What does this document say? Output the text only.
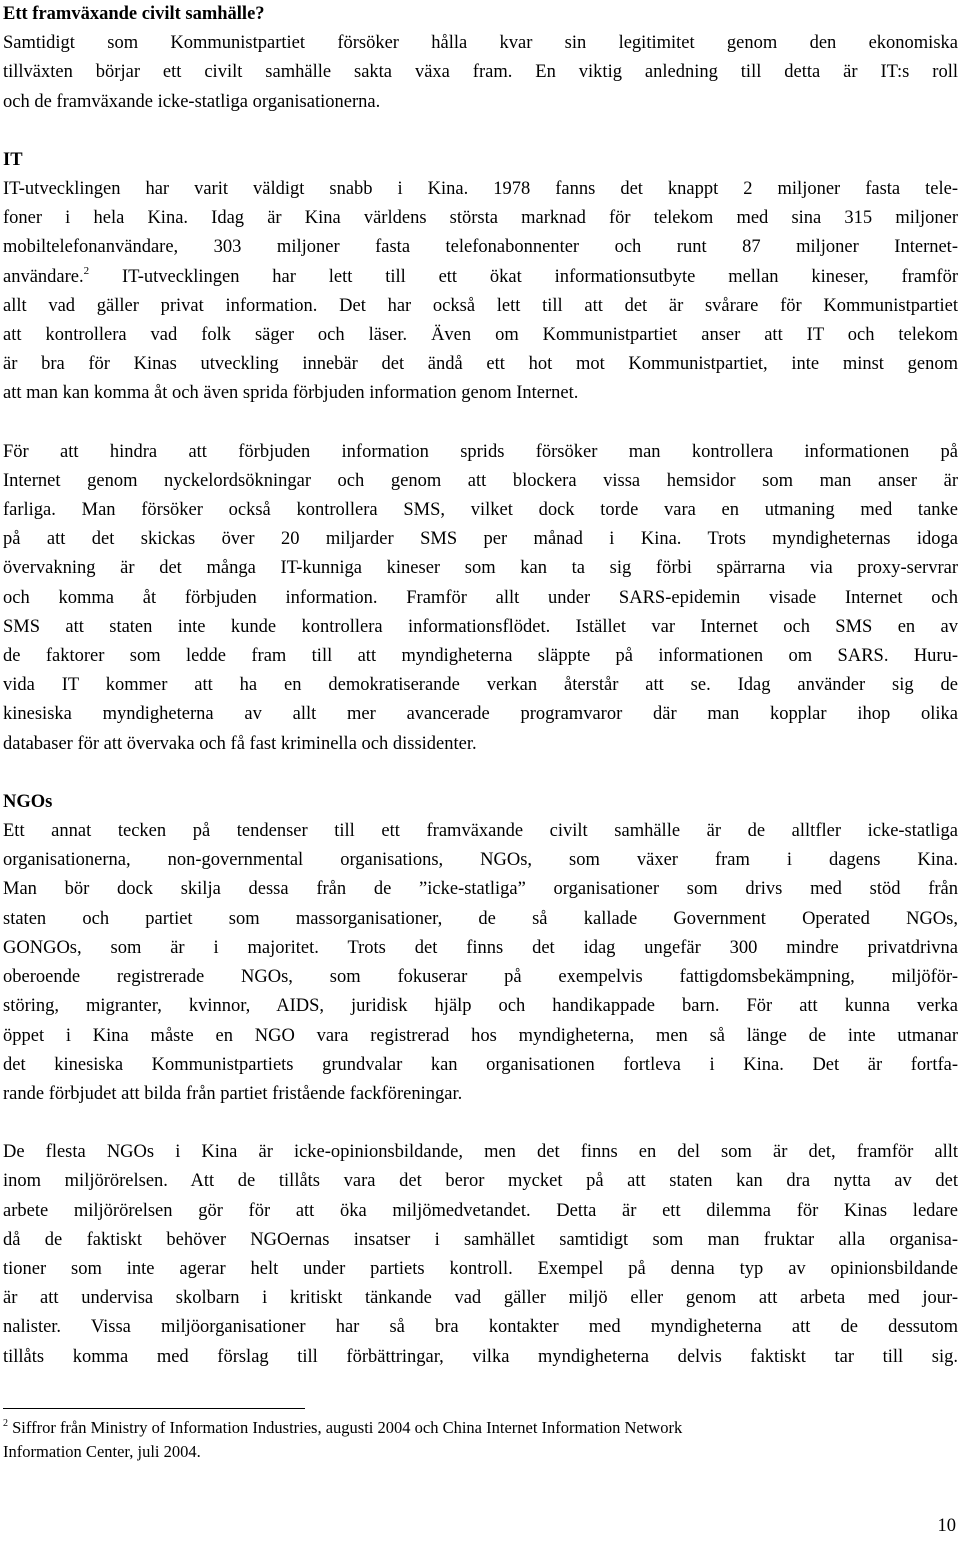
Ett framväxande civilt samhälle?

Samtidigt som Kommunistpartiet försöker hålla kvar sin legitimitet genom den ekonomiska
tillväxten börjar ett civilt samhälle sakta växa fram. En viktig anledning till detta är IT:s roll
och de framväxande icke-statliga organisationerna.

IT

IT-utvecklingen har varit väldigt snabb i Kina. 1978 fanns det knappt 2 miljoner fasta tele-
foner i hela Kina. Idag är Kina världens största marknad för telekom med sina 315 miljoner
mobiltelefonanvändare, 303 miljoner fasta telefonabonnenter och runt 87 miljoner Internet-
användare.$^2$ IT-utvecklingen har lett till ett ökat informationsutbyte mellan kineser, framför
allt vad gäller privat information. Det har också lett till att det är svårare för Kommunistpartiet
att kontrollera vad folk säger och läser. Även om Kommunistpartiet anser att IT och telekom
är bra för Kinas utveckling innebär det ändå ett hot mot Kommunistpartiet, inte minst genom
att man kan komma åt och även sprida förbjuden information genom Internet.
För att hindra att förbjuden information sprids försöker man kontrollera informationen på
Internet genom nyckelordsökningar och genom att blockera vissa hemsidor som man anser är
farliga. Man försöker också kontrollera SMS, vilket dock torde vara en utmaning med tanke
på att det skickas över 20 miljarder SMS per månad i Kina. Trots myndigheternas idoga
övervakning är det många IT-kunniga kineser som kan ta sig förbi spärrarna via proxy-servrar
och komma åt förbjuden information. Framför allt under SARS-epidemin visade Internet och
SMS att staten inte kunde kontrollera informationsflödet. Istället var Internet och SMS en av
de faktorer som ledde fram till att myndigheterna släppte på informationen om SARS. Huru-
vida IT kommer att ha en demokratiserande verkan återstår att se. Idag använder sig de
kinesiska myndigheterna av allt mer avancerade programvaror där man kopplar ihop olika
databaser för att övervaka och få fast kriminella och dissidenter.

NGOs

Ett annat tecken på tendenser till ett framväxande civilt samhälle är de alltfler icke-statliga
organisationerna, non-governmental organisations, NGOs, som växer fram i dagens Kina.
Man bör dock skilja dessa från de ”icke-statliga” organisationer som drivs med stöd från
staten och partiet som massorganisationer, de så kallade Government Operated NGOs,
GONGOs, som är i majoritet. Trots det finns det idag ungefär 300 mindre privatdrivna
oberoende registrerade NGOs, som fokuserar på exempelvis fattigdomsbekämpning, miljöför-
störing, migranter, kvinnor, AIDS, juridisk hjälp och handikappade barn. För att kunna verka
öppet i Kina måste en NGO vara registrerad hos myndigheterna, men så länge de inte utmanar
det kinesiska Kommunistpartiets grundvalar kan organisationen fortleva i Kina. Det är fortfa-
rande förbjudet att bilda från partiet fristående fackföreningar.
De flesta NGOs i Kina är icke-opinionsbildande, men det finns en del som är det, framför allt
inom miljörörelsen. Att de tillåts vara det beror mycket på att staten kan dra nytta av det
arbete miljörörelsen gör för att öka miljömedvetandet. Detta är ett dilemma för Kinas ledare
då de faktiskt behöver NGOernas insatser i samhället samtidigt som man fruktar alla organisa-
tioner som inte agerar helt under partiets kontroll. Exempel på denna typ av opinionsbildande
är att undervisa skolbarn i kritiskt tänkande vad gäller miljö eller genom att arbeta med jour-
nalister. Vissa miljöorganisationer har så bra kontakter med myndigheterna att de dessutom
tillåts komma med förslag till förbättringar, vilka myndigheterna delvis faktiskt tar till sig.
$^2$ Siffror från Ministry of Information Industries, augusti 2004 och China Internet Information Network
Information Center, juli 2004.
10
